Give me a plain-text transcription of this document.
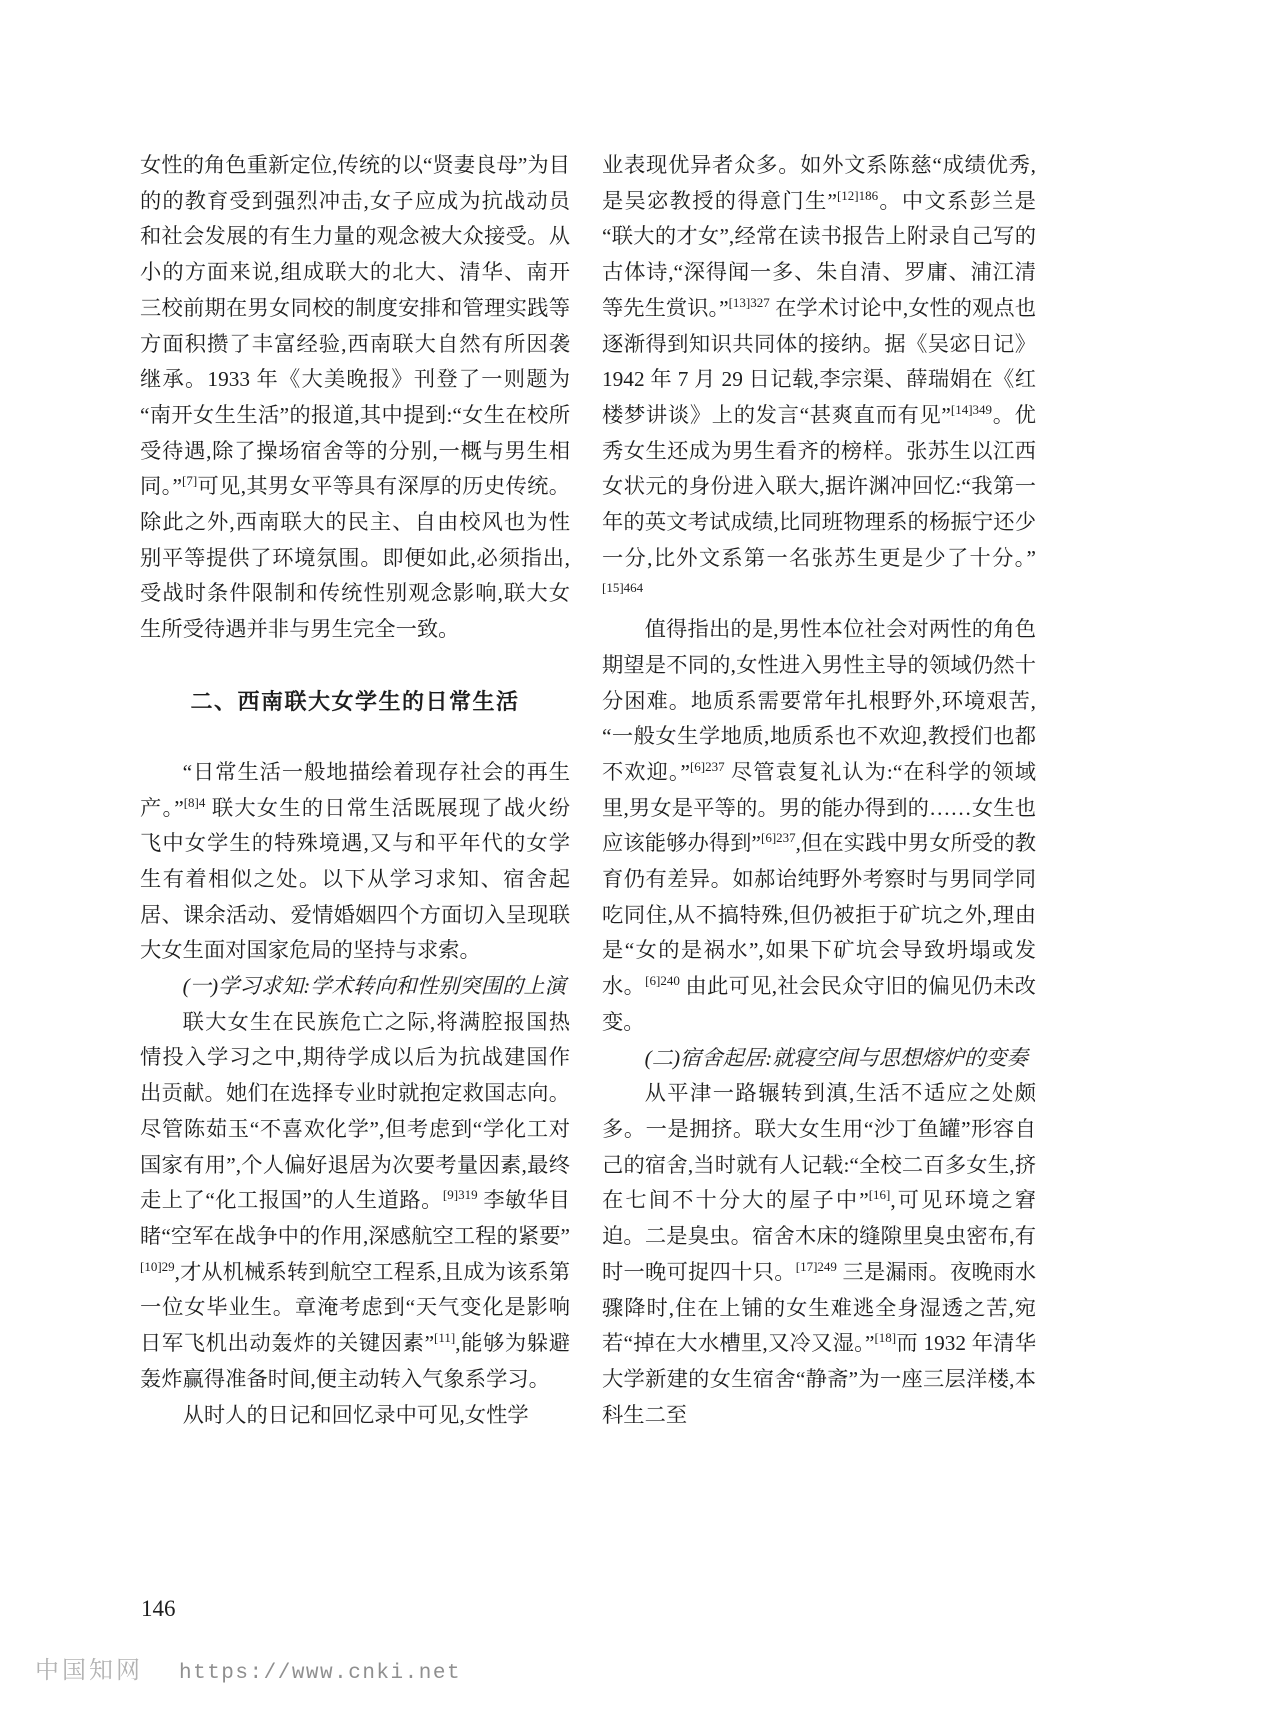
女性的角色重新定位,传统的以“贤妻良母”为目的的教育受到强烈冲击,女子应成为抗战动员和社会发展的有生力量的观念被大众接受。从小的方面来说,组成联大的北大、清华、南开三校前期在男女同校的制度安排和管理实践等方面积攒了丰富经验,西南联大自然有所因袭继承。1933 年《大美晚报》刊登了一则题为“南开女生生活”的报道,其中提到:“女生在校所受待遇,除了操场宿舍等的分别,一概与男生相同。”[7]可见,其男女平等具有深厚的历史传统。除此之外,西南联大的民主、自由校风也为性别平等提供了环境氛围。即便如此,必须指出,受战时条件限制和传统性别观念影响,联大女生所受待遇并非与男生完全一致。

二、西南联大女学生的日常生活

“日常生活一般地描绘着现存社会的再生产。”$^{[8]4}$ 联大女生的日常生活既展现了战火纷飞中女学生的特殊境遇,又与和平年代的女学生有着相似之处。以下从学习求知、宿舍起居、课余活动、爱情婚姻四个方面切入呈现联大女生面对国家危局的坚持与求索。

(一)学习求知:学术转向和性别突围的上演

联大女生在民族危亡之际,将满腔报国热情投入学习之中,期待学成以后为抗战建国作出贡献。她们在选择专业时就抱定救国志向。尽管陈茹玉“不喜欢化学”,但考虑到“学化工对国家有用”,个人偏好退居为次要考量因素,最终走上了“化工报国”的人生道路。$^{[9]319}$ 李敏华目睹“空军在战争中的作用,深感航空工程的紧要”$^{[10]29}$,才从机械系转到航空工程系,且成为该系第一位女毕业生。章淹考虑到“天气变化是影响日军飞机出动轰炸的关键因素”[11],能够为躲避轰炸赢得准备时间,便主动转入气象系学习。

从时人的日记和回忆录中可见,女性学

业表现优异者众多。如外文系陈慈“成绩优秀,是吴宓教授的得意门生”$^{[12]186}$。中文系彭兰是“联大的才女”,经常在读书报告上附录自己写的古体诗,“深得闻一多、朱自清、罗庸、浦江清等先生赏识。”$^{[13]327}$ 在学术讨论中,女性的观点也逐渐得到知识共同体的接纳。据《吴宓日记》1942 年 7 月 29 日记载,李宗渠、薛瑞娟在《红楼梦讲谈》上的发言“甚爽直而有见”$^{[14]349}$。优秀女生还成为男生看齐的榜样。张苏生以江西女状元的身份进入联大,据许渊冲回忆:“我第一年的英文考试成绩,比同班物理系的杨振宁还少一分,比外文系第一名张苏生更是少了十分。”$^{[15]464}$

值得指出的是,男性本位社会对两性的角色期望是不同的,女性进入男性主导的领域仍然十分困难。地质系需要常年扎根野外,环境艰苦,“一般女生学地质,地质系也不欢迎,教授们也都不欢迎。”$^{[6]237}$ 尽管袁复礼认为:“在科学的领域里,男女是平等的。男的能办得到的……女生也应该能够办得到”$^{[6]237}$,但在实践中男女所受的教育仍有差异。如郝诒纯野外考察时与男同学同吃同住,从不搞特殊,但仍被拒于矿坑之外,理由是“女的是祸水”,如果下矿坑会导致坍塌或发水。$^{[6]240}$ 由此可见,社会民众守旧的偏见仍未改变。

(二)宿舍起居:就寝空间与思想熔炉的变奏

从平津一路辗转到滇,生活不适应之处颇多。一是拥挤。联大女生用“沙丁鱼罐”形容自己的宿舍,当时就有人记载:“全校二百多女生,挤在七间不十分大的屋子中”[16],可见环境之窘迫。二是臭虫。宿舍木床的缝隙里臭虫密布,有时一晚可捉四十只。$^{[17]249}$ 三是漏雨。夜晚雨水骤降时,住在上铺的女生难逃全身湿透之苦,宛若“掉在大水槽里,又冷又湿。”[18]而 1932 年清华大学新建的女生宿舍“静斋”为一座三层洋楼,本科生二至

146
中国知网 https://www.cnki.net
